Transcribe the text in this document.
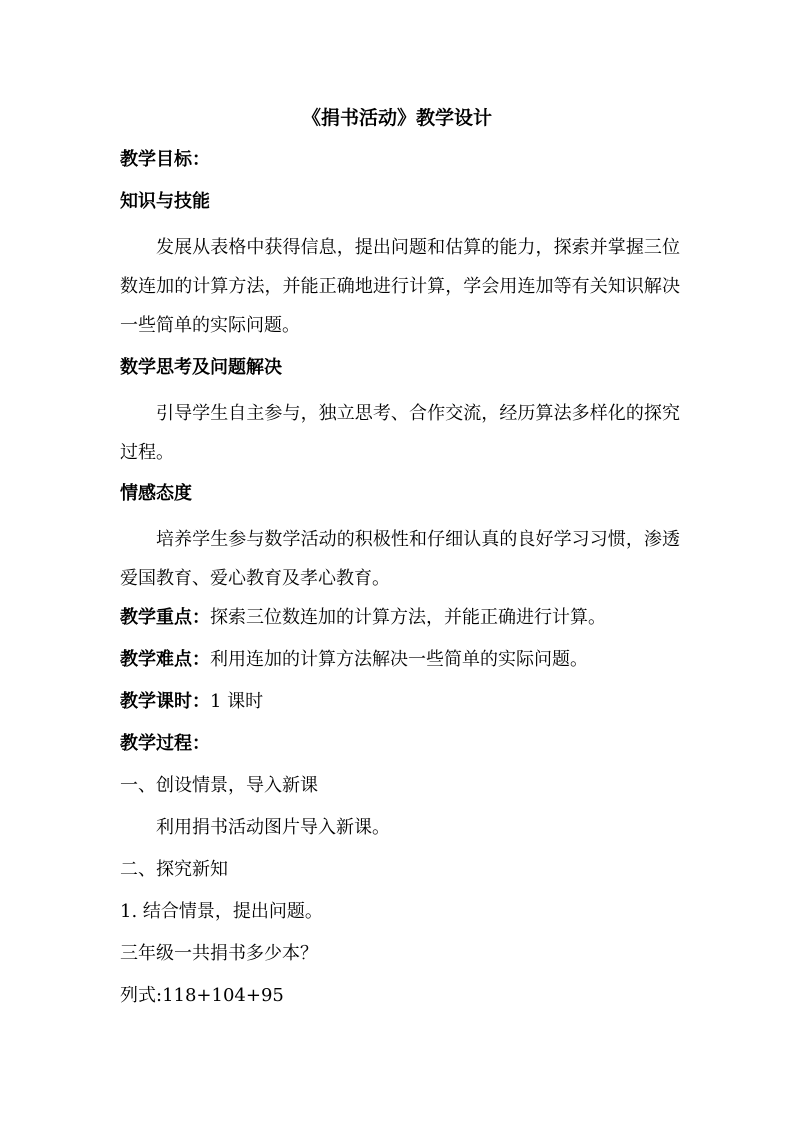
《捐书活动》教学设计
教学目标：
知识与技能
发展从表格中获得信息，提出问题和估算的能力，探索并掌握三位数连加的计算方法，并能正确地进行计算，学会用连加等有关知识解决一些简单的实际问题。
数学思考及问题解决
引导学生自主参与，独立思考、合作交流，经历算法多样化的探究过程。
情感态度
培养学生参与数学活动的积极性和仔细认真的良好学习习惯，渗透爱国教育、爱心教育及孝心教育。
教学重点：探索三位数连加的计算方法，并能正确进行计算。
教学难点：利用连加的计算方法解决一些简单的实际问题。
教学课时：1 课时
教学过程：
一、创设情景，导入新课
利用捐书活动图片导入新课。
二、探究新知
1. 结合情景，提出问题。
三年级一共捐书多少本？
列式:118+104+95
